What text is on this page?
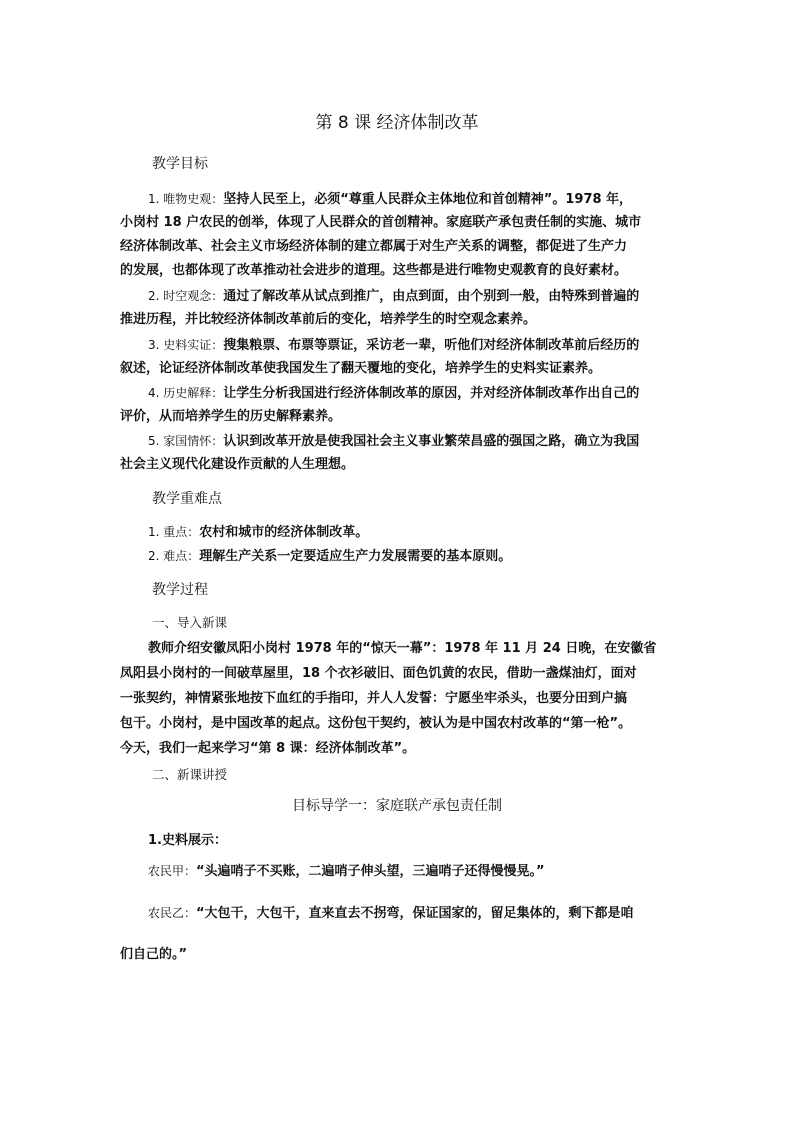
第 8 课 经济体制改革
教学目标
1. 唯物史观：坚持人民至上，必须“尊重人民群众主体地位和首创精神”。1978 年，
小岗村 18 户农民的创举，体现了人民群众的首创精神。家庭联产承包责任制的实施、城市
经济体制改革、社会主义市场经济体制的建立都属于对生产关系的调整，都促进了生产力
的发展，也都体现了改革推动社会进步的道理。这些都是进行唯物史观教育的良好素材。
2. 时空观念：通过了解改革从试点到推广，由点到面，由个别到一般，由特殊到普遍的
推进历程，并比较经济体制改革前后的变化，培养学生的时空观念素养。
3. 史料实证：搜集粮票、布票等票证，采访老一辈，听他们对经济体制改革前后经历的
叙述，论证经济体制改革使我国发生了翻天覆地的变化，培养学生的史料实证素养。
4. 历史解释：让学生分析我国进行经济体制改革的原因，并对经济体制改革作出自己的
评价，从而培养学生的历史解释素养。
5. 家国情怀：认识到改革开放是使我国社会主义事业繁荣昌盛的强国之路，确立为我国
社会主义现代化建设作贡献的人生理想。
教学重难点
1. 重点：农村和城市的经济体制改革。
2. 难点：理解生产关系一定要适应生产力发展需要的基本原则。
教学过程
一、导入新课
教师介绍安徽凤阳小岗村 1978 年的“惊天一幕”：1978 年 11 月 24 日晚，在安徽省
凤阳县小岗村的一间破草屋里，18 个衣衫破旧、面色饥黄的农民，借助一盏煤油灯，面对
一张契约，神情紧张地按下血红的手指印，并人人发誓：宁愿坐牢杀头，也要分田到户搞
包干。小岗村，是中国改革的起点。这份包干契约，被认为是中国农村改革的“第一枪”。
今天，我们一起来学习“第 8 课：经济体制改革”。
二、新课讲授
目标导学一：家庭联产承包责任制
1.史料展示：
农民甲：“头遍哨子不买账，二遍哨子伸头望，三遍哨子还得慢慢晃。”
农民乙：“大包干，大包干，直来直去不拐弯，保证国家的，留足集体的，剩下都是咱
们自己的。”
